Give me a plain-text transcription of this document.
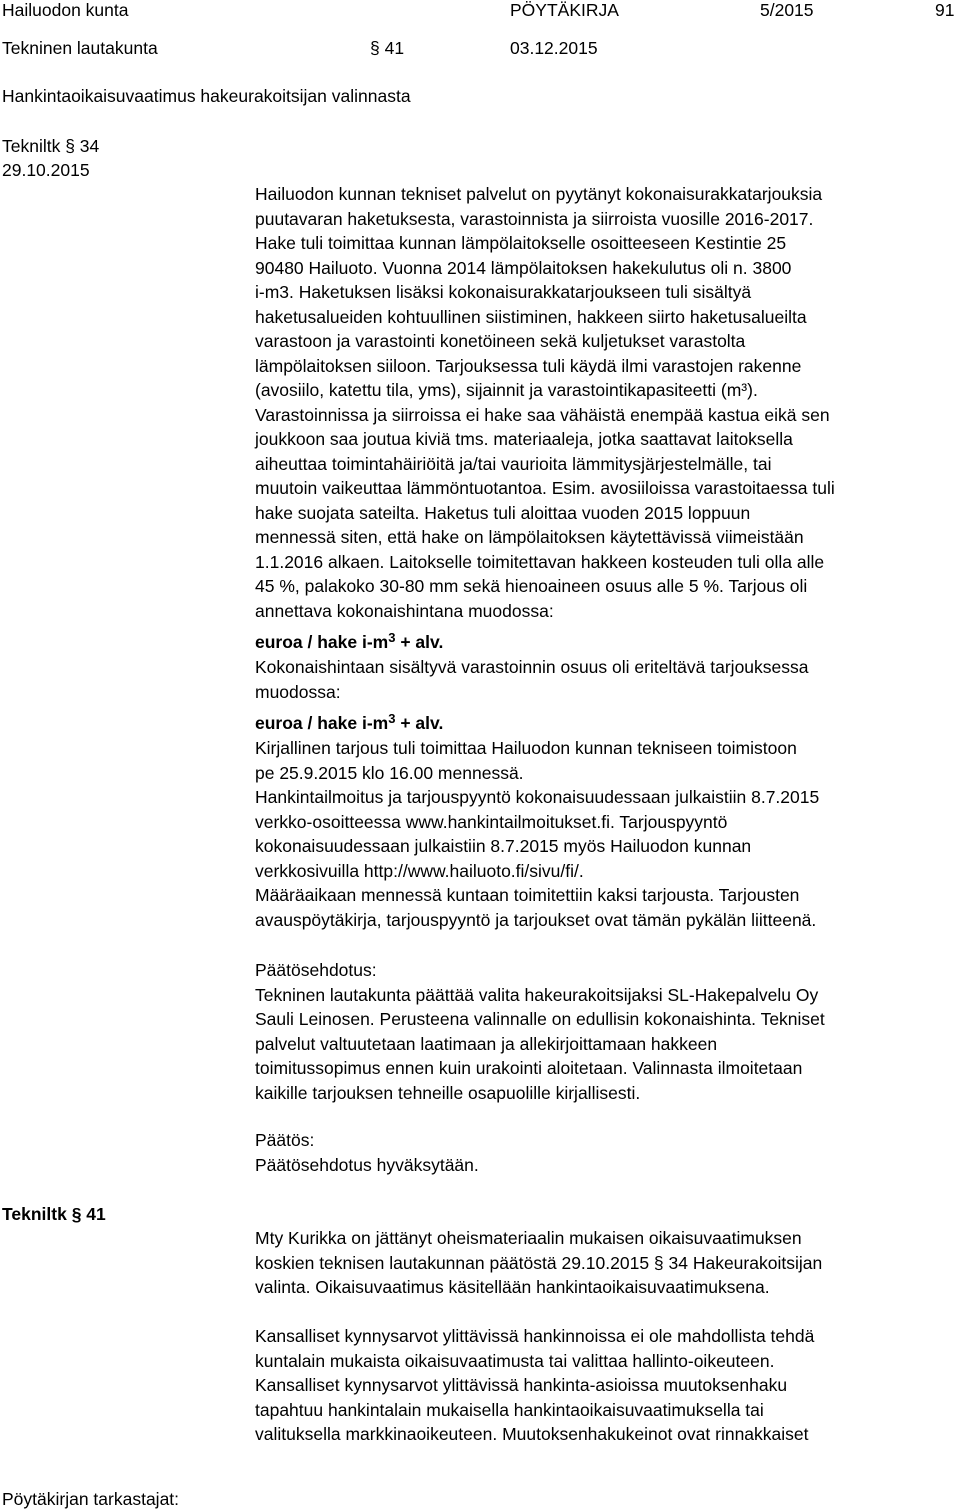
Hailuodon kunta	PÖYTÄKIRJA	5/2015	91
Tekninen lautakunta	§ 41	03.12.2015
Hankintaoikaisuvaatimus hakeurakoitsijan valinnasta
Tekniltk § 34
29.10.2015

Hailuodon kunnan tekniset palvelut on pyytänyt kokonaisurakkatarjouksia
puutavaran haketuksesta, varastoinnista ja siirroista vuosille 2016-2017.
Hake tuli toimittaa kunnan lämpölaitokselle osoitteeseen Kestintie 25
90480 Hailuoto. Vuonna 2014 lämpölaitoksen hakekulutus oli n. 3800
i-m3. Haketuksen lisäksi kokonaisurakkatarjoukseen tuli sisältyä
haketusalueiden kohtuullinen siistiminen, hakkeen siirto haketusalueilta
varastoon ja varastointi konetöineen sekä kuljetukset varastolta
lämpölaitoksen siiloon. Tarjouksessa tuli käydä ilmi varastojen rakenne
(avosiilo, katettu tila, yms), sijainnit ja varastointikapasiteetti (m³).
Varastoinnissa ja siirroissa ei hake saa vähäistä enempää kastua eikä sen
joukkoon saa joutua kiviä tms. materiaaleja, jotka saattavat laitoksella
aiheuttaa toimintahäiriöitä ja/tai vaurioita lämmitysjärjestelmälle, tai
muutoin vaikeuttaa lämmöntuotantoa. Esim. avosiiloissa varastoitaessa tuli
hake suojata sateilta. Haketus tuli aloittaa vuoden 2015 loppuun
mennessä siten, että hake on lämpölaitoksen käytettävissä viimeistään
1.1.2016 alkaen. Laitokselle toimitettavan hakkeen kosteuden tuli olla alle
45 %, palakoko 30-80 mm sekä hienoaineen osuus alle 5 %. Tarjous oli
annettava kokonaishintana muodossa:

euroa / hake $i-m^3$ + alv.

Kokonaishintaan sisältyvä varastoinnin osuus oli eriteltävä tarjouksessa
muodossa:

euroa / hake $i-m^3$ + alv.

Kirjallinen tarjous tuli toimittaa Hailuodon kunnan tekniseen toimistoon
pe 25.9.2015 klo 16.00 mennessä.
Hankintailmoitus ja tarjouspyyntö kokonaisuudessaan julkaistiin 8.7.2015
verkko-osoitteessa www.hankintailmoitukset.fi. Tarjouspyyntö
kokonaisuudessaan julkaistiin 8.7.2015 myös Hailuodon kunnan
verkkosivuilla http://www.hailuoto.fi/sivu/fi/.
Määräaikaan mennessä kuntaan toimitettiin kaksi tarjousta. Tarjousten
avauspöytäkirja, tarjouspyyntö ja tarjoukset ovat tämän pykälän liitteenä.

Päätösehdotus:

Tekninen lautakunta päättää valita hakeurakoitsijaksi SL-Hakepalvelu Oy
Sauli Leinosen. Perusteena valinnalle on edullisin kokonaishinta. Tekniset
palvelut valtuutetaan laatimaan ja allekirjoittamaan hakkeen
toimitussopimus ennen kuin urakointi aloitetaan. Valinnasta ilmoitetaan
kaikille tarjouksen tehneille osapuolille kirjallisesti.

Päätös:

Päätösehdotus hyväksytään.

Tekniltk § 41

Mty Kurikka on jättänyt oheismateriaalin mukaisen oikaisuvaatimuksen
koskien teknisen lautakunnan päätöstä 29.10.2015 § 34 Hakeurakoitsijan
valinta. Oikaisuvaatimus käsitellään hankintaoikaisuvaatimuksena.

Kansalliset kynnysarvot ylittävissä hankinnoissa ei ole mahdollista tehdä
kuntalain mukaista oikaisuvaatimusta tai valittaa hallinto-oikeuteen.
Kansalliset kynnysarvot ylittävissä hankinta-asioissa muutoksenhaku
tapahtuu hankintalain mukaisella hankintaoikaisuvaatimuksella tai
valituksella markkinaoikeuteen. Muutoksenhakukeinot ovat rinnakkaiset

Pöytäkirjan tarkastajat:
